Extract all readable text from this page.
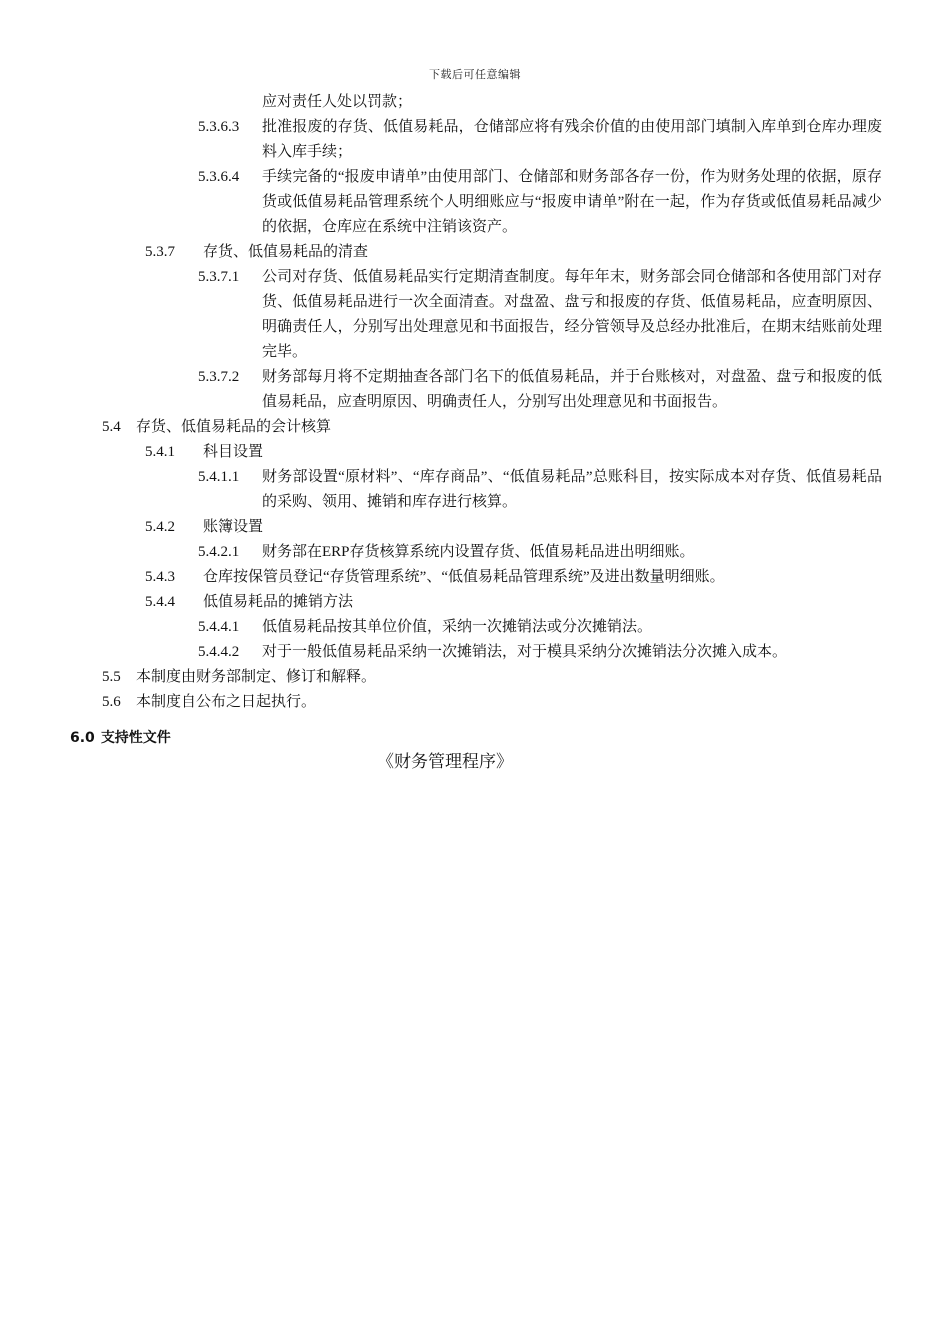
下载后可任意编辑
应对责任人处以罚款；
5.3.6.3 批准报废的存货、低值易耗品，仓储部应将有残余价值的由使用部门填制入库单到仓库办理废料入库手续；
5.3.6.4 手续完备的“报废申请单”由使用部门、仓储部和财务部各存一份，作为财务处理的依据，原存货或低值易耗品管理系统个人明细账应与“报废申请单”附在一起，作为存货或低值易耗品减少的依据，仓库应在系统中注销该资产。
5.3.7 存货、低值易耗品的清查
5.3.7.1 公司对存货、低值易耗品实行定期清查制度。每年年末，财务部会同仓储部和各使用部门对存货、低值易耗品进行一次全面清查。对盘盈、盘亏和报废的存货、低值易耗品，应查明原因、明确责任人，分别写出处理意见和书面报告，经分管领导及总经办批准后，在期末结账前处理完毕。
5.3.7.2 财务部每月将不定期抽查各部门名下的低值易耗品，并于台账核对，对盘盈、盘亏和报废的低值易耗品，应查明原因、明确责任人，分别写出处理意见和书面报告。
5.4 存货、低值易耗品的会计核算
5.4.1 科目设置
5.4.1.1 财务部设置“原材料”、“库存商品”、“低值易耗品”总账科目，按实际成本对存货、低值易耗品的采购、领用、摊销和库存进行核算。
5.4.2 账簿设置
5.4.2.1 财务部在ERP存货核算系统内设置存货、低值易耗品进出明细账。
5.4.3 仓库按保管员登记“存货管理系统”、“低值易耗品管理系统”及进出数量明细账。
5.4.4 低值易耗品的摊销方法
5.4.4.1 低值易耗品按其单位价值，采纳一次摊销法或分次摊销法。
5.4.4.2 对于一般低值易耗品采纳一次摊销法，对于模具采纳分次摊销法分次摊入成本。
5.5 本制度由财务部制定、修订和解释。
5.6 本制度自公布之日起执行。
6.0 支持性文件
《财务管理程序》
